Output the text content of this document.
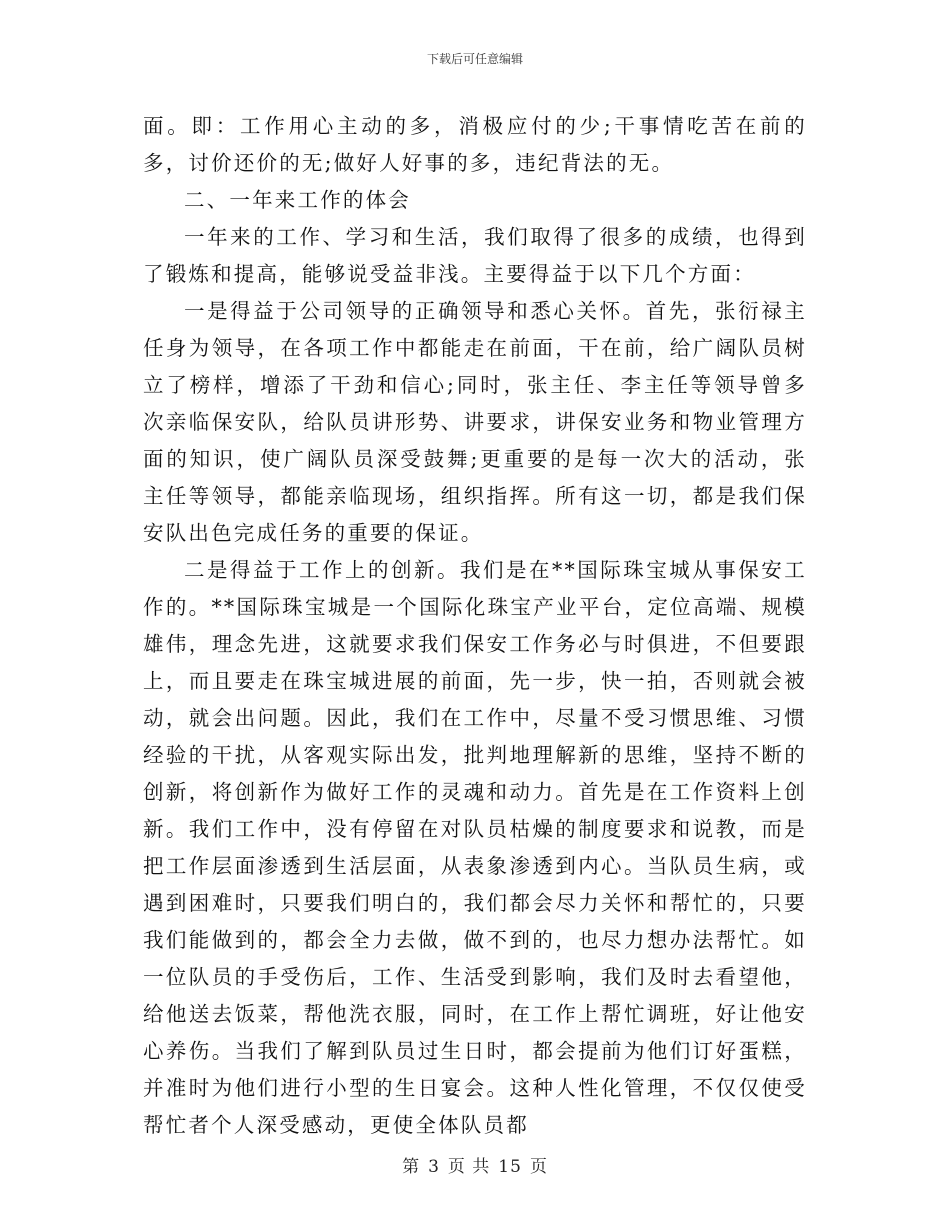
下载后可任意编辑

面。即：工作用心主动的多，消极应付的少;干事情吃苦在前的多，讨价还价的无;做好人好事的多，违纪背法的无。

二、一年来工作的体会

一年来的工作、学习和生活，我们取得了很多的成绩，也得到了锻炼和提高，能够说受益非浅。主要得益于以下几个方面：

一是得益于公司领导的正确领导和悉心关怀。首先，张衍禄主任身为领导，在各项工作中都能走在前面，干在前，给广阔队员树立了榜样，增添了干劲和信心;同时，张主任、李主任等领导曾多次亲临保安队，给队员讲形势、讲要求，讲保安业务和物业管理方面的知识，使广阔队员深受鼓舞;更重要的是每一次大的活动，张主任等领导，都能亲临现场，组织指挥。所有这一切，都是我们保安队出色完成任务的重要的保证。

二是得益于工作上的创新。我们是在**国际珠宝城从事保安工作的。**国际珠宝城是一个国际化珠宝产业平台，定位高端、规模雄伟，理念先进，这就要求我们保安工作务必与时俱进，不但要跟上，而且要走在珠宝城进展的前面，先一步，快一拍，否则就会被动，就会出问题。因此，我们在工作中，尽量不受习惯思维、习惯经验的干扰，从客观实际出发，批判地理解新的思维，坚持不断的创新，将创新作为做好工作的灵魂和动力。首先是在工作资料上创新。我们工作中，没有停留在对队员枯燥的制度要求和说教，而是把工作层面渗透到生活层面，从表象渗透到内心。当队员生病，或遇到困难时，只要我们明白的，我们都会尽力关怀和帮忙的，只要我们能做到的，都会全力去做，做不到的，也尽力想办法帮忙。如一位队员的手受伤后，工作、生活受到影响，我们及时去看望他，给他送去饭菜，帮他洗衣服，同时，在工作上帮忙调班，好让他安心养伤。当我们了解到队员过生日时，都会提前为他们订好蛋糕，并准时为他们进行小型的生日宴会。这种人性化管理，不仅仅使受帮忙者个人深受感动，更使全体队员都

第 3 页 共 15 页
